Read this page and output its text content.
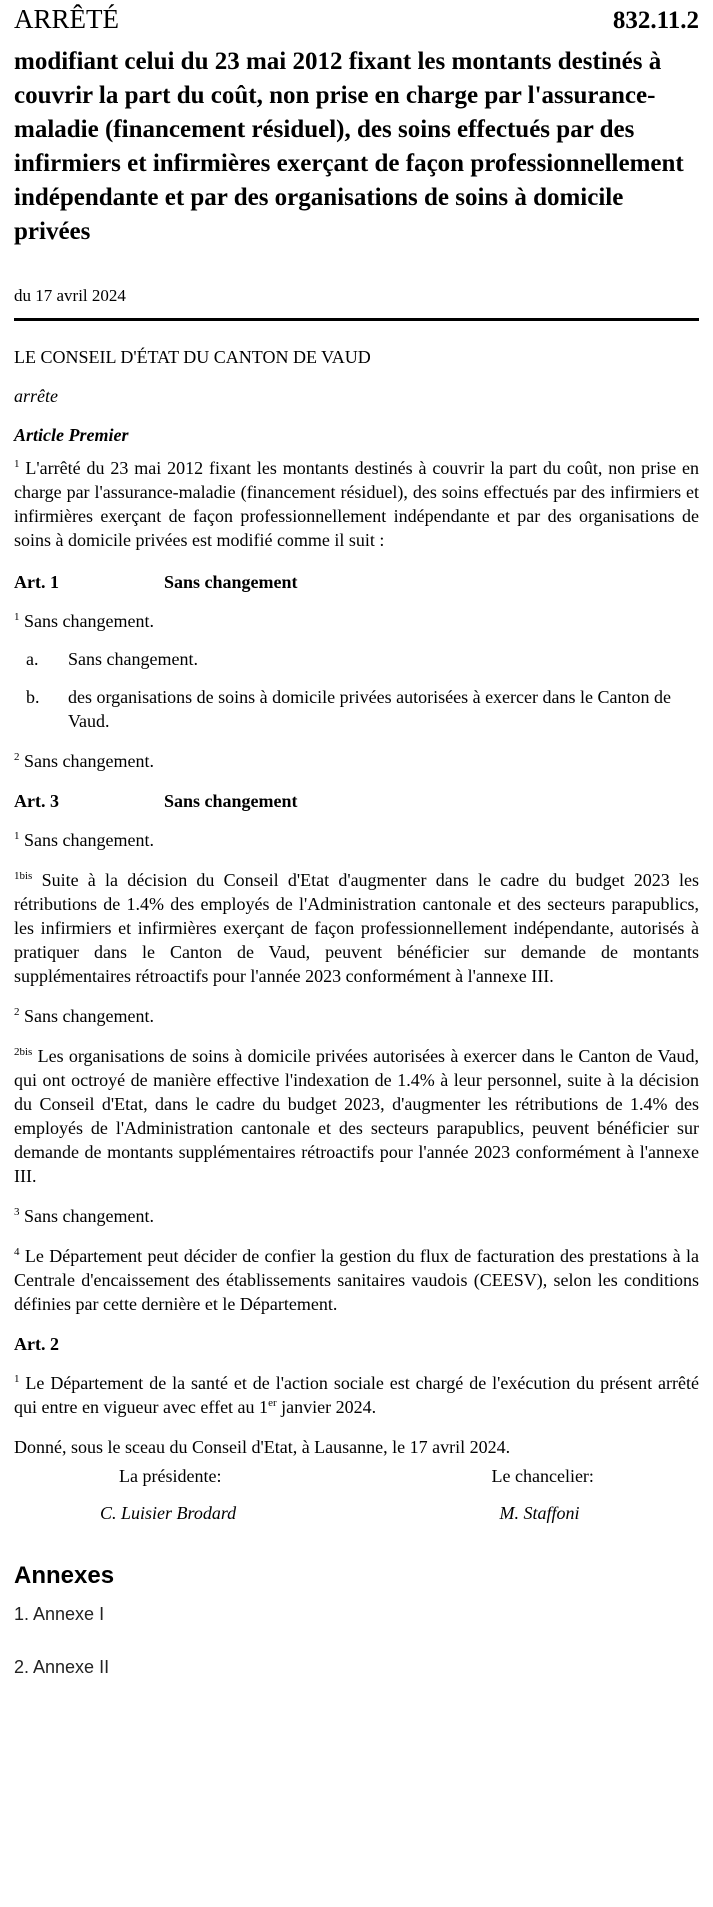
ARRÊTÉ	832.11.2

modifiant celui du 23 mai 2012 fixant les montants destinés à couvrir la part du coût, non prise en charge par l'assurance-maladie (financement résiduel), des soins effectués par des infirmiers et infirmières exerçant de façon professionnellement indépendante et par des organisations de soins à domicile privées

du 17 avril 2024
LE CONSEIL D'ÉTAT DU CANTON DE VAUD
arrête
Article Premier

$^1$ L'arrêté du 23 mai 2012 fixant les montants destinés à couvrir la part du coût, non prise en charge par l'assurance-maladie (financement résiduel), des soins effectués par des infirmiers et infirmières exerçant de façon professionnellement indépendante et par des organisations de soins à domicile privées est modifié comme il suit :

Art. 1	Sans changement

$^1$ Sans changement.

a.	Sans changement.
b.	des organisations de soins à domicile privées autorisées à exercer dans le Canton de Vaud.

$^2$ Sans changement.

Art. 3	Sans changement

$^1$ Sans changement.

$^{1bis}$ Suite à la décision du Conseil d'Etat d'augmenter dans le cadre du budget 2023 les rétributions de 1.4% des employés de l'Administration cantonale et des secteurs parapublics, les infirmiers et infirmières exerçant de façon professionnellement indépendante, autorisés à pratiquer dans le Canton de Vaud, peuvent bénéficier sur demande de montants supplémentaires rétroactifs pour l'année 2023 conformément à l'annexe III.

$^2$ Sans changement.

$^{2bis}$ Les organisations de soins à domicile privées autorisées à exercer dans le Canton de Vaud, qui ont octroyé de manière effective l'indexation de 1.4% à leur personnel, suite à la décision du Conseil d'Etat, dans le cadre du budget 2023, d'augmenter les rétributions de 1.4% des employés de l'Administration cantonale et des secteurs parapublics, peuvent bénéficier sur demande de montants supplémentaires rétroactifs pour l'année 2023 conformément à l'annexe III.

$^3$ Sans changement.

$^4$ Le Département peut décider de confier la gestion du flux de facturation des prestations à la Centrale d'encaissement des établissements sanitaires vaudois (CEESV), selon les conditions définies par cette dernière et le Département.

Art. 2

$^1$ Le Département de la santé et de l'action sociale est chargé de l'exécution du présent arrêté qui entre en vigueur avec effet au 1er janvier 2024.

Donné, sous le sceau du Conseil d'Etat, à Lausanne, le 17 avril 2024.
La présidente:	Le chancelier:
C. Luisier Brodard	M. Staffoni
Annexes
1. Annexe I
2. Annexe II
